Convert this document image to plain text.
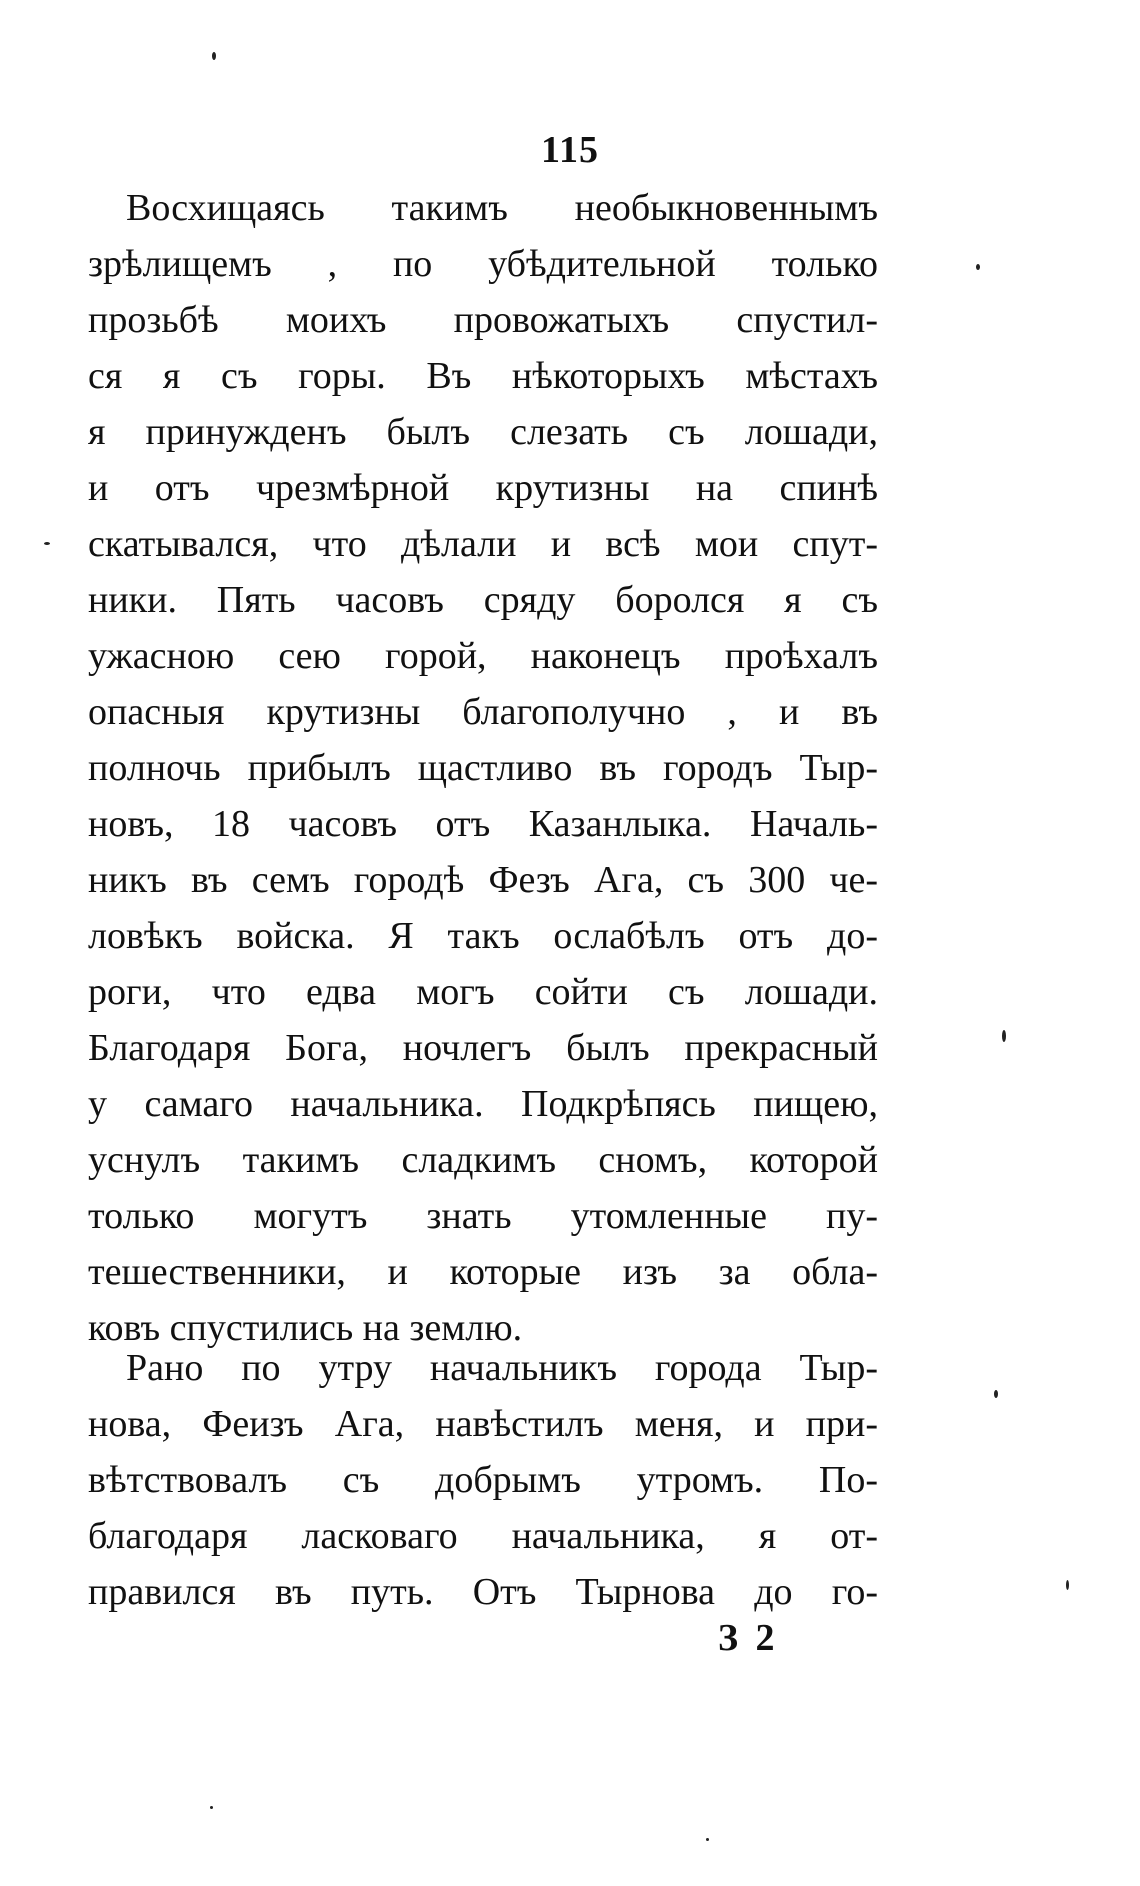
115
Восхищаясь такимъ необыкновеннымъ
зрѣлищемъ , по убѣдительной только
прозьбѣ моихъ провожатыхъ спустил-
ся я съ горы. Въ нѣкоторыхъ мѣстахъ
я принужденъ былъ слезать съ лошади,
и отъ чрезмѣрной крутизны на спинѣ
скатывался, что дѣлали и всѣ мои спут-
ники. Пять часовъ сряду боролся я съ
ужасною сею горой, наконецъ проѣхалъ
опасныя крутизны благополучно , и въ
полночь прибылъ щастливо въ городъ Тыр-
новъ, 18 часовъ отъ Казанлыка. Началь-
никъ въ семъ городѣ Фезъ Ага, съ 300 че-
ловѣкъ войска. Я такъ ослабѣлъ отъ до-
роги, что едва могъ сойти съ лошади.
Благодаря Бога, ночлегъ былъ прекрасный
у самаго начальника. Подкрѣпясь пищею,
уснулъ такимъ сладкимъ сномъ, которой
только могутъ знать утомленные пу-
тешественники, и которые изъ за обла-
ковъ спустились на землю.
Рано по утру начальникъ города Тыр-
нова, Феизъ Ага, навѣстилъ меня, и при-
вѣтствовалъ съ добрымъ утромъ. По-
благодаря ласковаго начальника, я от-
правился въ путь. Отъ Тырнова до го-
З 2
